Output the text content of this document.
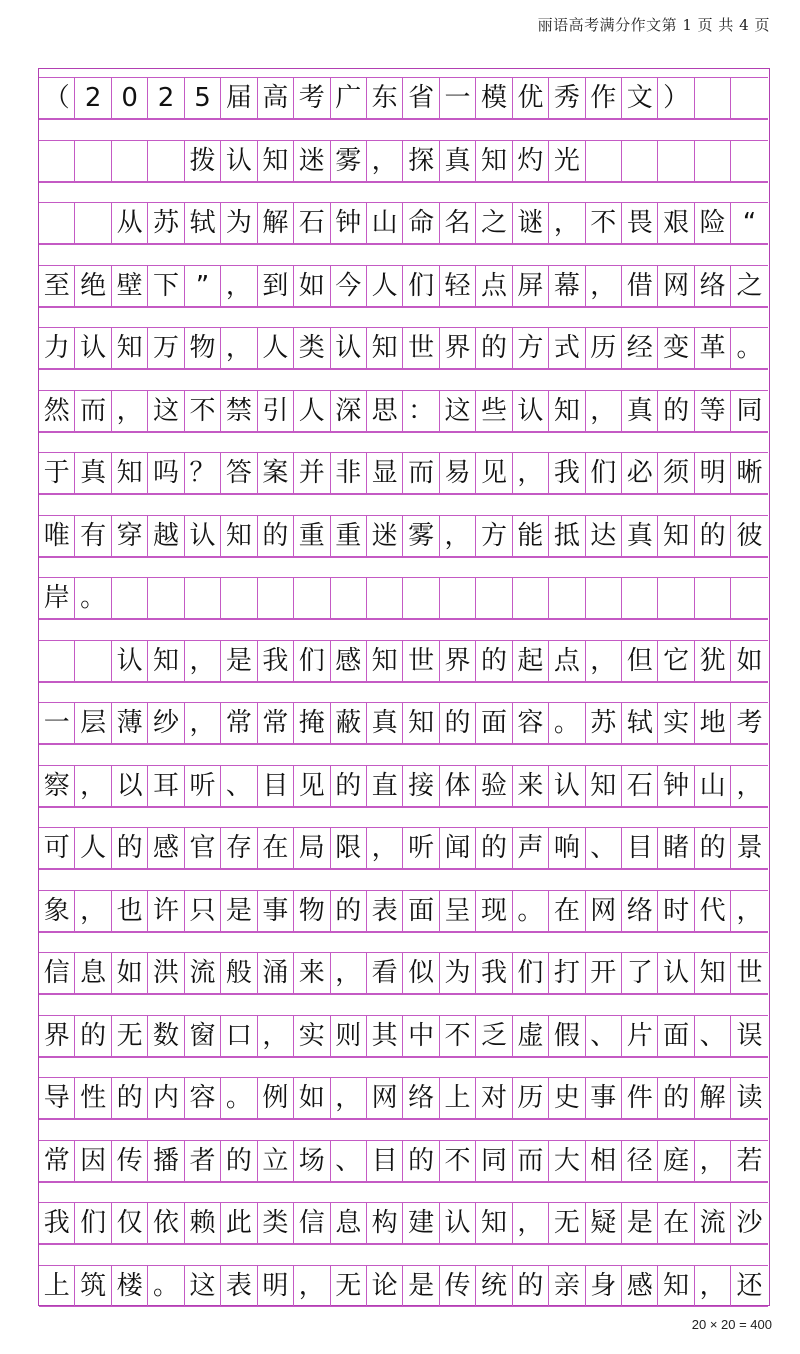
丽语高考满分作文第 1 页 共 4 页
（ 2 0 2 5 届 高 考 广 东 省 一 模 优 秀 作 文 ）
拨 认 知 迷 雾 ， 探 真 知 灼 光
从 苏 轼 为 解 石 钟 山 命 名 之 谜 ， 不 畏 艰 险 “
至 绝 壁 下 ” ， 到 如 今 人 们 轻 点 屏 幕 ， 借 网 络 之
力 认 知 万 物 ， 人 类 认 知 世 界 的 方 式 历 经 变 革 。
然 而 ， 这 不 禁 引 人 深 思 ： 这 些 认 知 ， 真 的 等 同
于 真 知 吗 ？ 答 案 并 非 显 而 易 见 ， 我 们 必 须 明 晰
唯 有 穿 越 认 知 的 重 重 迷 雾 ， 方 能 抵 达 真 知 的 彼
岸 。
认 知 ， 是 我 们 感 知 世 界 的 起 点 ， 但 它 犹 如
一 层 薄 纱 ， 常 常 掩 蔽 真 知 的 面 容 。 苏 轼 实 地 考
察 ， 以 耳 听 、 目 见 的 直 接 体 验 来 认 知 石 钟 山 ，
可 人 的 感 官 存 在 局 限 ， 听 闻 的 声 响 、 目 睹 的 景
象 ， 也 许 只 是 事 物 的 表 面 呈 现 。 在 网 络 时 代 ，
信 息 如 洪 流 般 涌 来 ， 看 似 为 我 们 打 开 了 认 知 世
界 的 无 数 窗 口 ， 实 则 其 中 不 乏 虚 假 、 片 面 、 误
导 性 的 内 容 。 例 如 ， 网 络 上 对 历 史 事 件 的 解 读
常 因 传 播 者 的 立 场 、 目 的 不 同 而 大 相 径 庭 ， 若
我 们 仅 依 赖 此 类 信 息 构 建 认 知 ， 无 疑 是 在 流 沙
上 筑 楼 。 这 表 明 ， 无 论 是 传 统 的 亲 身 感 知 ， 还
20 × 20 = 400
